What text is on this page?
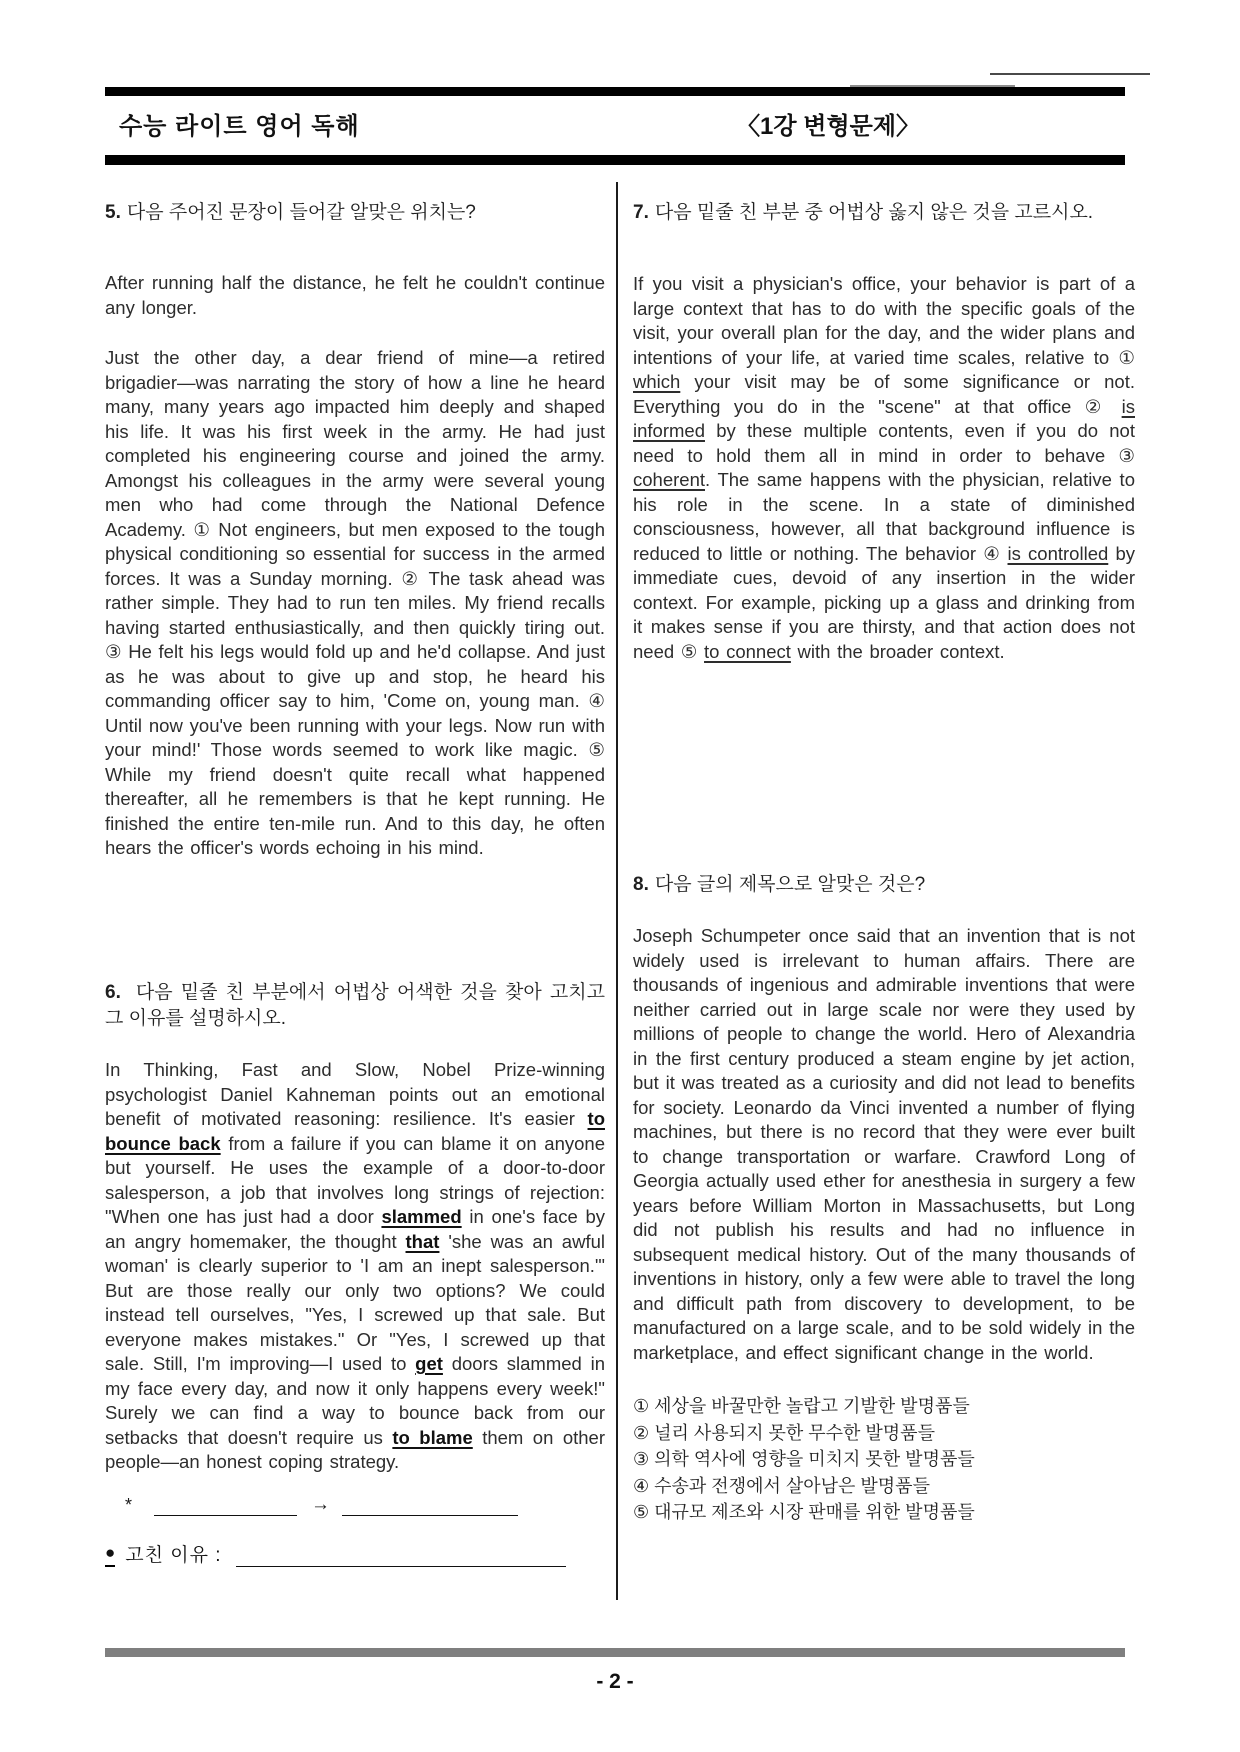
수능 라이트 영어 독해	〈1강 변형문제〉
5. 다음 주어진 문장이 들어갈 알맞은 위치는?

After running half the distance, he felt he couldn't continue any longer.

Just the other day, a dear friend of mine—a retired brigadier—was narrating the story of how a line he heard many, many years ago impacted him deeply and shaped his life. It was his first week in the army. He had just completed his engineering course and joined the army. Amongst his colleagues in the army were several young men who had come through the National Defence Academy. ① Not engineers, but men exposed to the tough physical conditioning so essential for success in the armed forces. It was a Sunday morning. ② The task ahead was rather simple. They had to run ten miles. My friend recalls having started enthusiastically, and then quickly tiring out. ③ He felt his legs would fold up and he'd collapse. And just as he was about to give up and stop, he heard his commanding officer say to him, 'Come on, young man. ④ Until now you've been running with your legs. Now run with your mind!' Those words seemed to work like magic. ⑤ While my friend doesn't quite recall what happened thereafter, all he remembers is that he kept running. He finished the entire ten-mile run. And to this day, he often hears the officer's words echoing in his mind.

6. 다음 밑줄 친 부분에서 어법상 어색한 것을 찾아 고치고 그 이유를 설명하시오.

In Thinking, Fast and Slow, Nobel Prize-winning psychologist Daniel Kahneman points out an emotional benefit of motivated reasoning: resilience. It's easier to bounce back from a failure if you can blame it on anyone but yourself. He uses the example of a door-to-door salesperson, a job that involves long strings of rejection: "When one has just had a door slammed in one's face by an angry homemaker, the thought that 'she was an awful woman' is clearly superior to 'I am an inept salesperson.'" But are those really our only two options? We could instead tell ourselves, "Yes, I screwed up that sale. But everyone makes mistakes." Or "Yes, I screwed up that sale. Still, I'm improving—I used to get doors slammed in my face every day, and now it only happens every week!" Surely we can find a way to bounce back from our setbacks that doesn't require us to blame them on other people—an honest coping strategy.

*	→
● 고친 이유 :
7. 다음 밑줄 친 부분 중 어법상 옳지 않은 것을 고르시오.

If you visit a physician's office, your behavior is part of a large context that has to do with the specific goals of the visit, your overall plan for the day, and the wider plans and intentions of your life, at varied time scales, relative to ① which your visit may be of some significance or not. Everything you do in the "scene" at that office ② is informed by these multiple contents, even if you do not need to hold them all in mind in order to behave ③ coherent. The same happens with the physician, relative to his role in the scene. In a state of diminished consciousness, however, all that background influence is reduced to little or nothing. The behavior ④ is controlled by immediate cues, devoid of any insertion in the wider context. For example, picking up a glass and drinking from it makes sense if you are thirsty, and that action does not need ⑤ to connect with the broader context.

8. 다음 글의 제목으로 알맞은 것은?

Joseph Schumpeter once said that an invention that is not widely used is irrelevant to human affairs. There are thousands of ingenious and admirable inventions that were neither carried out in large scale nor were they used by millions of people to change the world. Hero of Alexandria in the first century produced a steam engine by jet action, but it was treated as a curiosity and did not lead to benefits for society. Leonardo da Vinci invented a number of flying machines, but there is no record that they were ever built to change transportation or warfare. Crawford Long of Georgia actually used ether for anesthesia in surgery a few years before William Morton in Massachusetts, but Long did not publish his results and had no influence in subsequent medical history. Out of the many thousands of inventions in history, only a few were able to travel the long and difficult path from discovery to development, to be manufactured on a large scale, and to be sold widely in the marketplace, and effect significant change in the world.

① 세상을 바꿀만한 놀랍고 기발한 발명품들
② 널리 사용되지 못한 무수한 발명품들
③ 의학 역사에 영향을 미치지 못한 발명품들
④ 수송과 전쟁에서 살아남은 발명품들
⑤ 대규모 제조와 시장 판매를 위한 발명품들
- 2 -
